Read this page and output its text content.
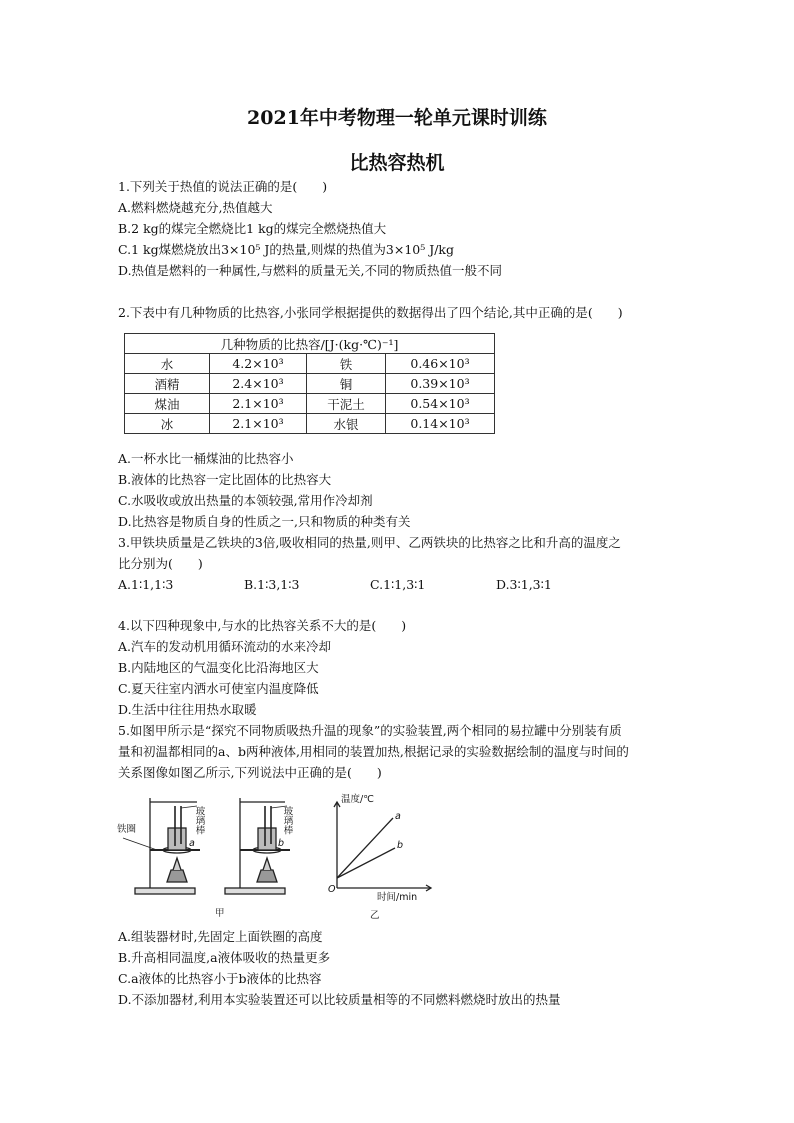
2021年中考物理一轮单元课时训练
比热容热机
1.下列关于热值的说法正确的是(　　)
A.燃料燃烧越充分,热值越大
B.2 kg的煤完全燃烧比1 kg的煤完全燃烧热值大
C.1 kg煤燃烧放出3×10⁵ J的热量,则煤的热值为3×10⁵ J/kg
D.热值是燃料的一种属性,与燃料的质量无关,不同的物质热值一般不同
2.下表中有几种物质的比热容,小张同学根据提供的数据得出了四个结论,其中正确的是(　　)
几种物质的比热容/[J·(kg·℃)⁻¹]			
水	4.2×10³	铁	0.46×10³
酒精	2.4×10³	铜	0.39×10³
煤油	2.1×10³	干泥土	0.54×10³
冰	2.1×10³	水银	0.14×10³
A.一杯水比一桶煤油的比热容小
B.液体的比热容一定比固体的比热容大
C.水吸收或放出热量的本领较强,常用作冷却剂
D.比热容是物质自身的性质之一,只和物质的种类有关
3.甲铁块质量是乙铁块的3倍,吸收相同的热量,则甲、乙两铁块的比热容之比和升高的温度之
比分别为(　　)
A.1∶1,1∶3	B.1∶3,1∶3	C.1∶1,3∶1	D.3∶1,3∶1
4.以下四种现象中,与水的比热容关系不大的是(　　)
A.汽车的发动机用循环流动的水来冷却
B.内陆地区的气温变化比沿海地区大
C.夏天往室内洒水可使室内温度降低
D.生活中往往用热水取暖
5.如图甲所示是“探究不同物质吸热升温的现象”的实验装置,两个相同的易拉罐中分别装有质
量和初温都相同的a、b两种液体,用相同的装置加热,根据记录的实验数据绘制的温度与时间的
关系图像如图乙所示,下列说法中正确的是(　　)
铁圈	玻璃棒
a
玻璃棒
b
甲	乙
温度/℃
时间/min
O
a
b
A.组装器材时,先固定上面铁圈的高度
B.升高相同温度,a液体吸收的热量更多
C.a液体的比热容小于b液体的比热容
D.不添加器材,利用本实验装置还可以比较质量相等的不同燃料燃烧时放出的热量
